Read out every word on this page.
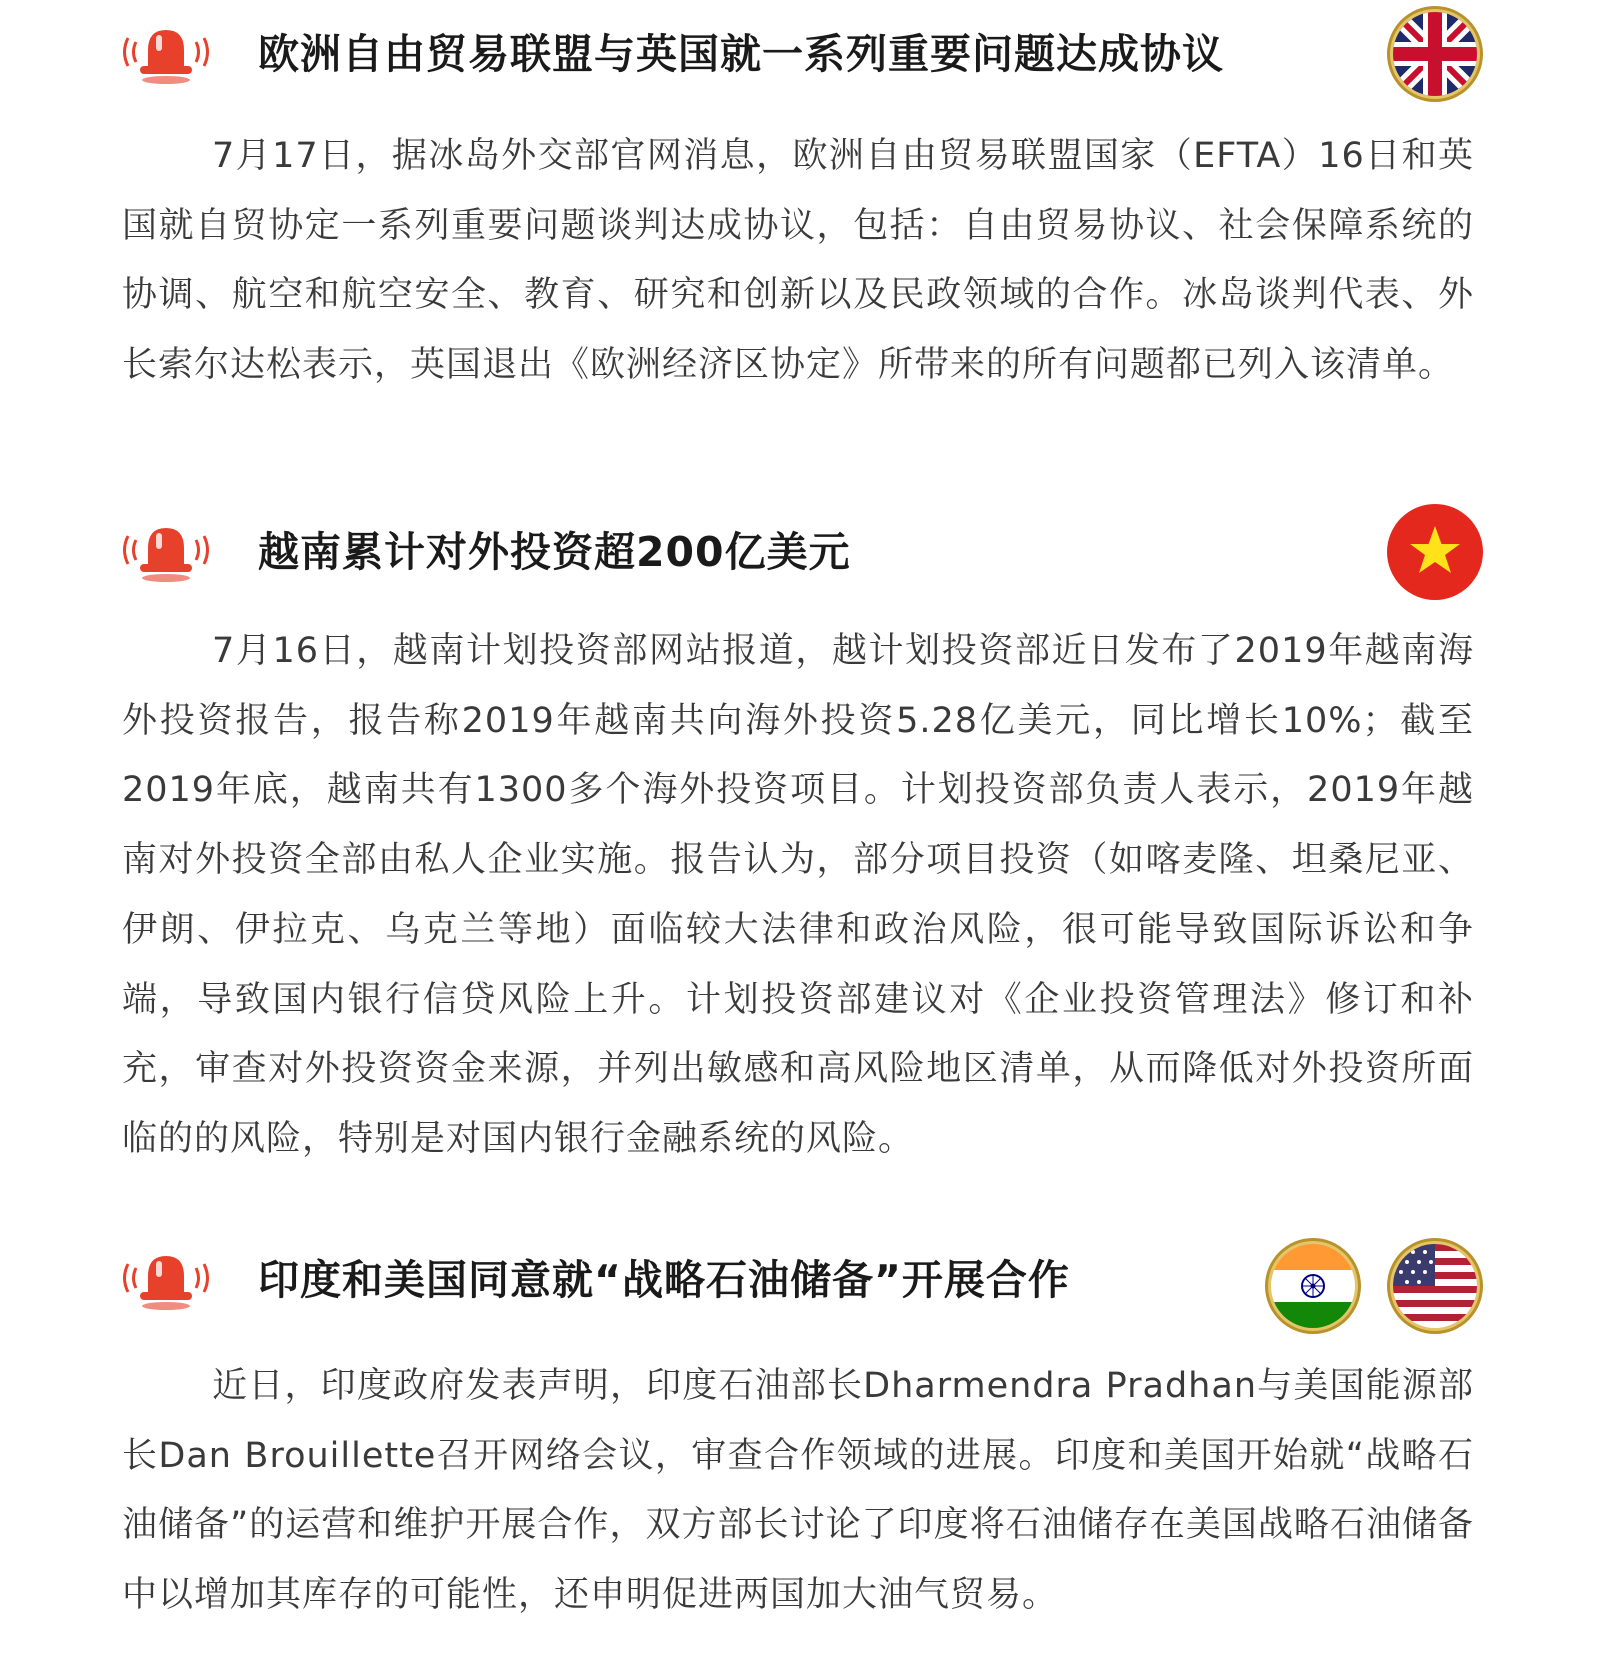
欧洲自由贸易联盟与英国就一系列重要问题达成协议
7月17日，据冰岛外交部官网消息，欧洲自由贸易联盟国家（EFTA）16日和英国就自贸协定一系列重要问题谈判达成协议，包括：自由贸易协议、社会保障系统的协调、航空和航空安全、教育、研究和创新以及民政领域的合作。冰岛谈判代表、外长索尔达松表示，英国退出《欧洲经济区协定》所带来的所有问题都已列入该清单。
越南累计对外投资超200亿美元
7月16日，越南计划投资部网站报道，越计划投资部近日发布了2019年越南海外投资报告，报告称2019年越南共向海外投资5.28亿美元，同比增长10%；截至2019年底，越南共有1300多个海外投资项目。计划投资部负责人表示，2019年越南对外投资全部由私人企业实施。报告认为，部分项目投资（如喀麦隆、坦桑尼亚、伊朗、伊拉克、乌克兰等地）面临较大法律和政治风险，很可能导致国际诉讼和争端，导致国内银行信贷风险上升。计划投资部建议对《企业投资管理法》修订和补充，审查对外投资资金来源，并列出敏感和高风险地区清单，从而降低对外投资所面临的的风险，特别是对国内银行金融系统的风险。
印度和美国同意就“战略石油储备”开展合作
近日，印度政府发表声明，印度石油部长Dharmendra Pradhan与美国能源部长Dan Brouillette召开网络会议，审查合作领域的进展。印度和美国开始就“战略石油储备”的运营和维护开展合作，双方部长讨论了印度将石油储存在美国战略石油储备中以增加其库存的可能性，还申明促进两国加大油气贸易。
